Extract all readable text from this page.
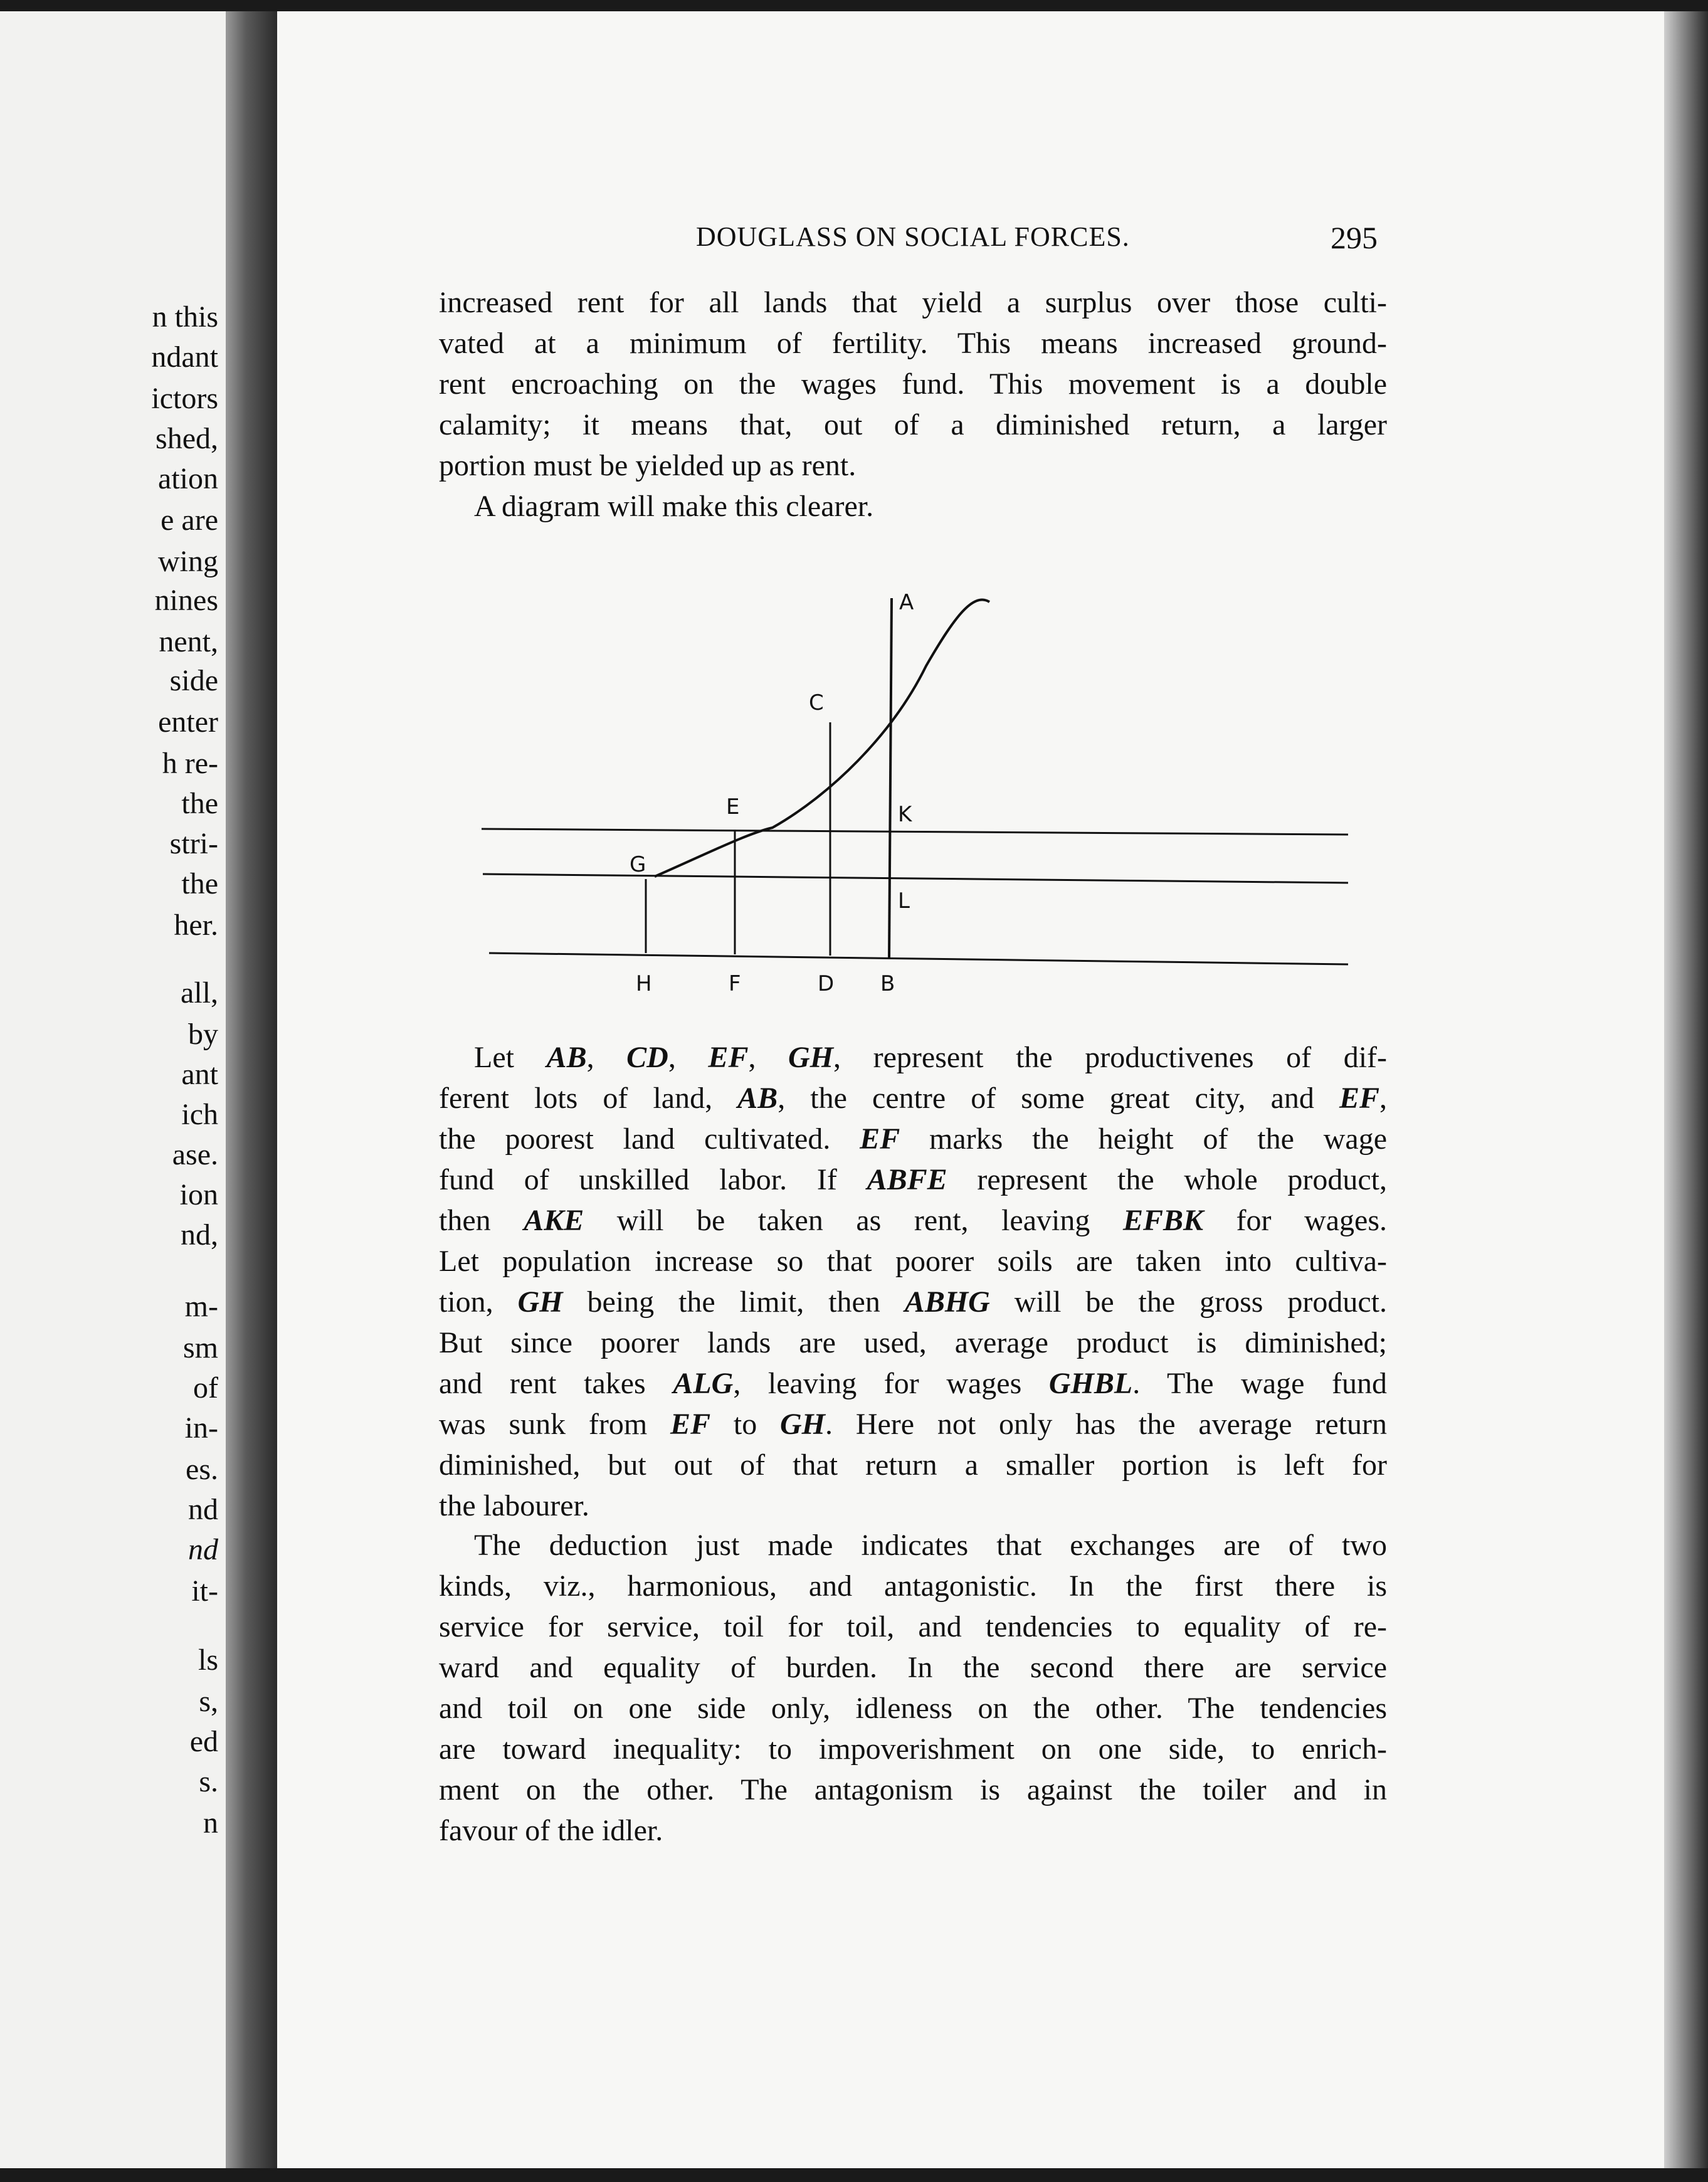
n this
ndant
ictors
shed,
ation
e are
wing
nines
nent,
side
enter
h re-
the
stri-
the
her.
all,
by
ant
ich
ase.
ion
nd,
m-
sm
of
in-
es.
nd
nd
it-
ls
s,
ed
s.
n
DOUGLASS ON SOCIAL FORCES.	295
increased rent for all lands that yield a surplus over those culti-
vated at a minimum of fertility. This means increased ground-
rent encroaching on the wages fund. This movement is a double
calamity; it means that, out of a diminished return, a larger
portion must be yielded up as rent.
A diagram will make this clearer.
A
C
E	K
G
L
H	F	D B
Let AB, CD, EF, GH, represent the productivenes of dif-
ferent lots of land, AB, the centre of some great city, and EF,
the poorest land cultivated. EF marks the height of the wage
fund of unskilled labor. If ABFE represent the whole product,
then AKE will be taken as rent, leaving EFBK for wages.
Let population increase so that poorer soils are taken into cultiva-
tion, GH being the limit, then ABHG will be the gross product.
But since poorer lands are used, average product is diminished;
and rent takes ALG, leaving for wages GHBL. The wage fund
was sunk from EF to GH. Here not only has the average return
diminished, but out of that return a smaller portion is left for
the labourer.
The deduction just made indicates that exchanges are of two
kinds, viz., harmonious, and antagonistic. In the first there is
service for service, toil for toil, and tendencies to equality of re-
ward and equality of burden. In the second there are service
and toil on one side only, idleness on the other. The tendencies
are toward inequality: to impoverishment on one side, to enrich-
ment on the other. The antagonism is against the toiler and in
favour of the idler.
